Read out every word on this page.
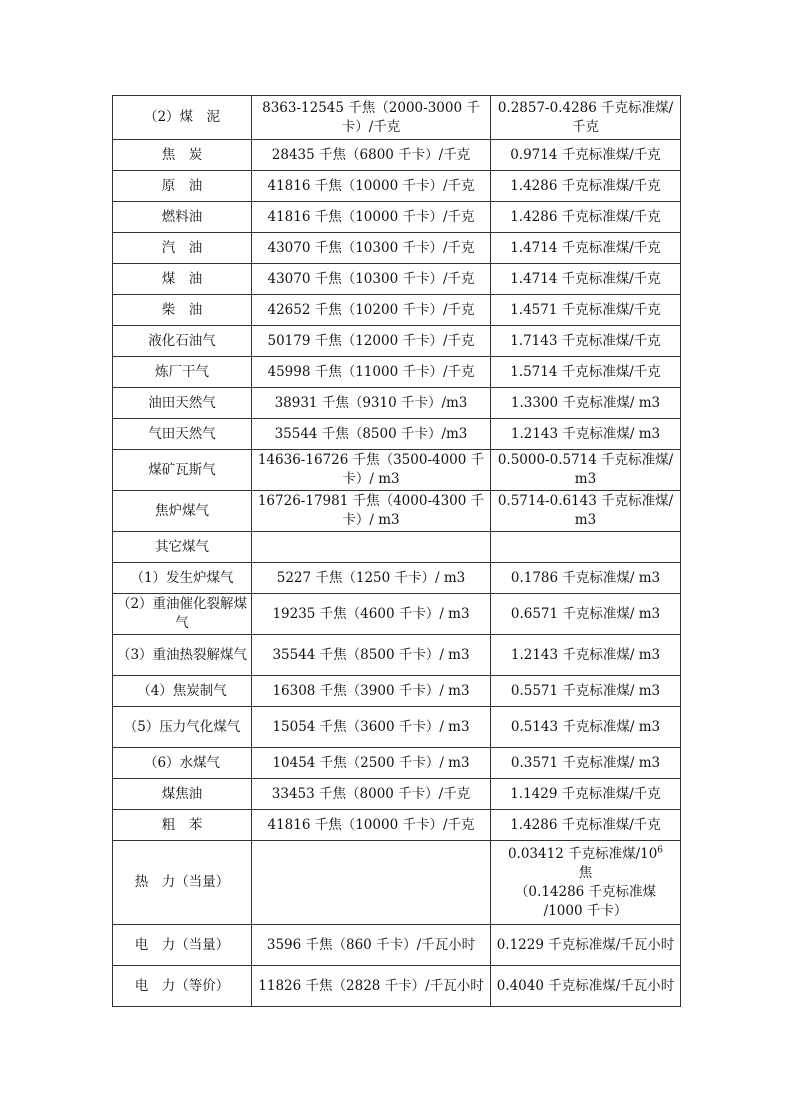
（2）煤　泥	8363-12545 千焦（2000-3000 千卡）/千克	0.2857-0.4286 千克标准煤/千克
焦　炭	28435 千焦（6800 千卡）/千克	0.9714 千克标准煤/千克
原　油	41816 千焦（10000 千卡）/千克	1.4286 千克标准煤/千克
燃料油	41816 千焦（10000 千卡）/千克	1.4286 千克标准煤/千克
汽　油	43070 千焦（10300 千卡）/千克	1.4714 千克标准煤/千克
煤　油	43070 千焦（10300 千卡）/千克	1.4714 千克标准煤/千克
柴　油	42652 千焦（10200 千卡）/千克	1.4571 千克标准煤/千克
液化石油气	50179 千焦（12000 千卡）/千克	1.7143 千克标准煤/千克
炼厂干气	45998 千焦（11000 千卡）/千克	1.5714 千克标准煤/千克
油田天然气	38931 千焦（9310 千卡）/m3	1.3300 千克标准煤/ m3
气田天然气	35544 千焦（8500 千卡）/m3	1.2143 千克标准煤/ m3
煤矿瓦斯气	14636-16726 千焦（3500-4000 千卡）/ m3	0.5000-0.5714 千克标准煤/ m3
焦炉煤气	16726-17981 千焦（4000-4300 千卡）/ m3	0.5714-0.6143 千克标准煤/ m3
其它煤气		
（1）发生炉煤气	5227 千焦（1250 千卡）/ m3	0.1786 千克标准煤/ m3
（2）重油催化裂解煤气	19235 千焦（4600 千卡）/ m3	0.6571 千克标准煤/ m3
（3）重油热裂解煤气	35544 千焦（8500 千卡）/ m3	1.2143 千克标准煤/ m3
（4）焦炭制气	16308 千焦（3900 千卡）/ m3	0.5571 千克标准煤/ m3
（5）压力气化煤气	15054 千焦（3600 千卡）/ m3	0.5143 千克标准煤/ m3
（6）水煤气	10454 千焦（2500 千卡）/ m3	0.3571 千克标准煤/ m3
煤焦油	33453 千焦（8000 千卡）/千克	1.1429 千克标准煤/千克
粗　苯	41816 千焦（10000 千卡）/千克	1.4286 千克标准煤/千克
热　力（当量）		0.03412 千克标准煤$/10^6$
焦
（0.14286 千克标准煤
/1000 千卡）
电　力（当量）	3596 千焦（860 千卡）/千瓦小时	0.1229 千克标准煤/千瓦小时
电　力（等价）	11826 千焦（2828 千卡）/千瓦小时	0.4040 千克标准煤/千瓦小时
